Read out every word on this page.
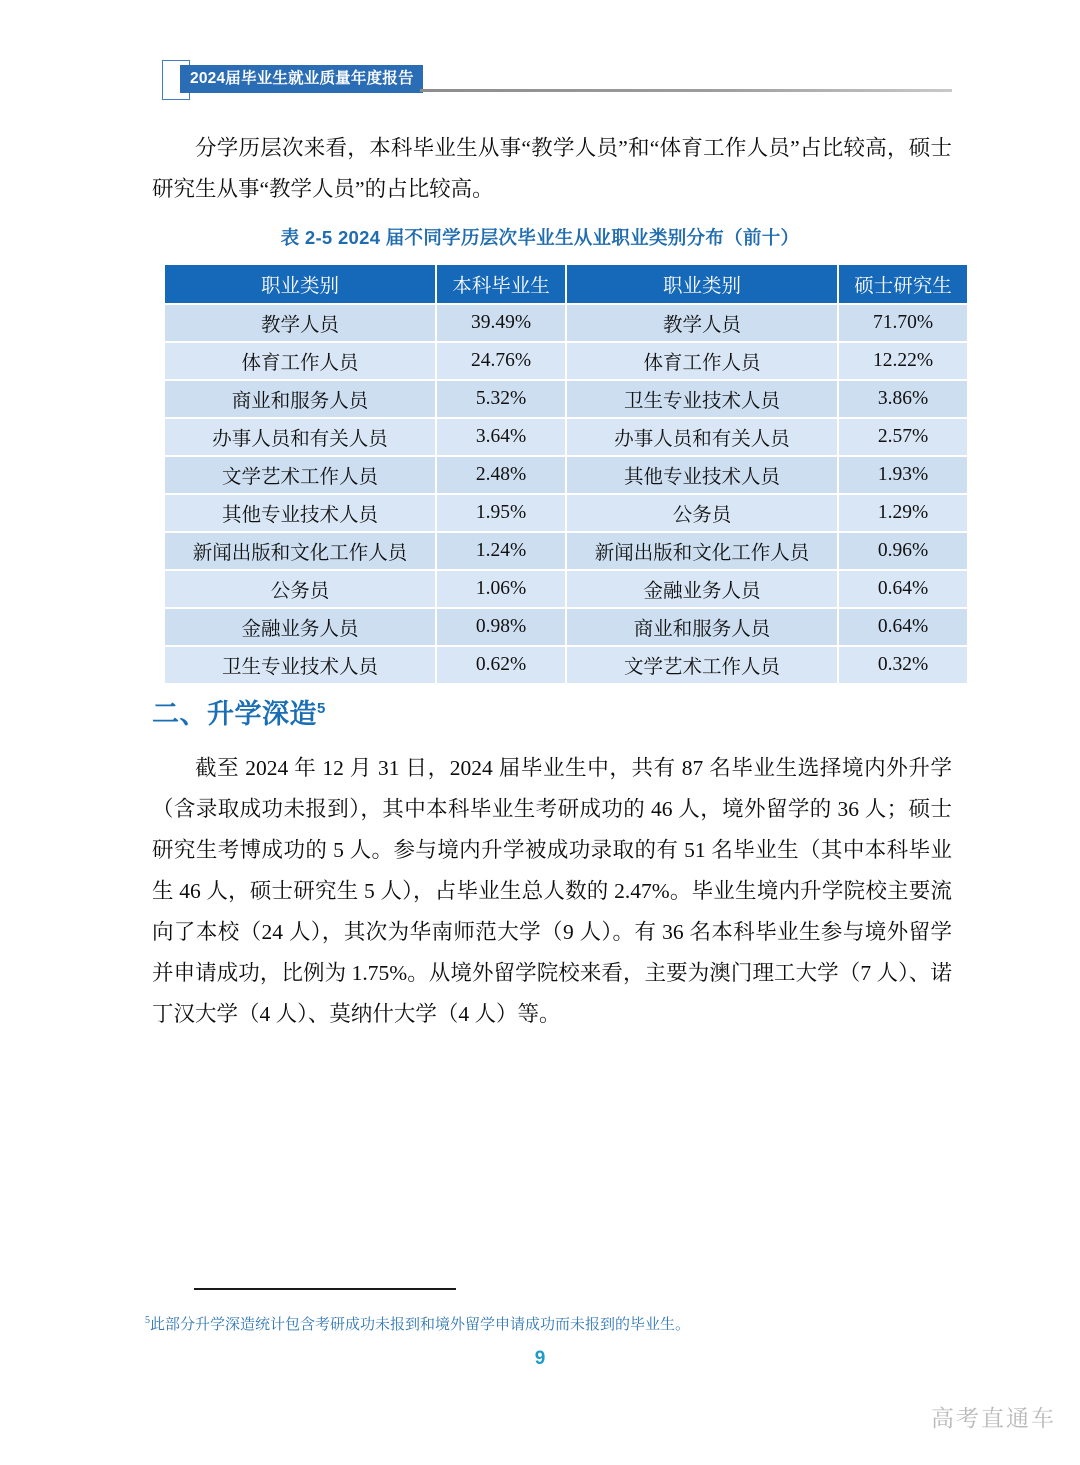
2024届毕业生就业质量年度报告

分学历层次来看，本科毕业生从事“教学人员”和“体育工作人员”占比较高，硕士研究生从事“教学人员”的占比较高。

表 2-5 2024 届不同学历层次毕业生从业职业类别分布（前十）
职业类别	本科毕业生	职业类别	硕士研究生
教学人员	39.49%	教学人员	71.70%
体育工作人员	24.76%	体育工作人员	12.22%
商业和服务人员	5.32%	卫生专业技术人员	3.86%
办事人员和有关人员	3.64%	办事人员和有关人员	2.57%
文学艺术工作人员	2.48%	其他专业技术人员	1.93%
其他专业技术人员	1.95%	公务员	1.29%
新闻出版和文化工作人员	1.24%	新闻出版和文化工作人员	0.96%
公务员	1.06%	金融业务人员	0.64%
金融业务人员	0.98%	商业和服务人员	0.64%
卫生专业技术人员	0.62%	文学艺术工作人员	0.32%
二、升学深造$^5$

截至 2024 年 12 月 31 日，2024 届毕业生中，共有 87 名毕业生选择境内外升学（含录取成功未报到），其中本科毕业生考研成功的 46 人，境外留学的 36 人；硕士研究生考博成功的 5 人。参与境内升学被成功录取的有 51 名毕业生（其中本科毕业生 46 人，硕士研究生 5 人），占毕业生总人数的 2.47%。毕业生境内升学院校主要流向了本校（24 人），其次为华南师范大学（9 人）。有 36 名本科毕业生参与境外留学并申请成功，比例为 1.75%。从境外留学院校来看，主要为澳门理工大学（7 人）、诺丁汉大学（4 人）、莫纳什大学（4 人）等。

$^5$此部分升学深造统计包含考研成功未报到和境外留学申请成功而未报到的毕业生。
9
高考直通车
